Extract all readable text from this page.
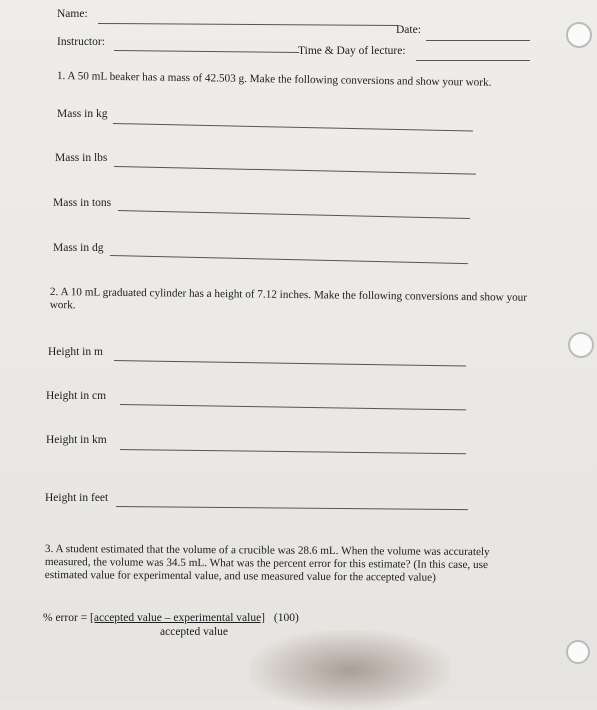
Name:
Date:
Instructor:
Time & Day of lecture:
1. A 50 mL beaker has a mass of 42.503 g. Make the following conversions and show your work.
Mass in kg

Mass in lbs
Mass in tons
Mass in dg
2. A 10 mL graduated cylinder has a height of 7.12 inches. Make the following conversions and show your work.
Height in m
Height in cm
Height in km
Height in feet
3. A student estimated that the volume of a crucible was 28.6 mL. When the volume was accurately measured, the volume was 34.5 mL. What was the percent error for this estimate? (In this case, use estimated value for experimental value, and use measured value for the accepted value)
% error = [accepted value – experimental value] (100)
accepted value
